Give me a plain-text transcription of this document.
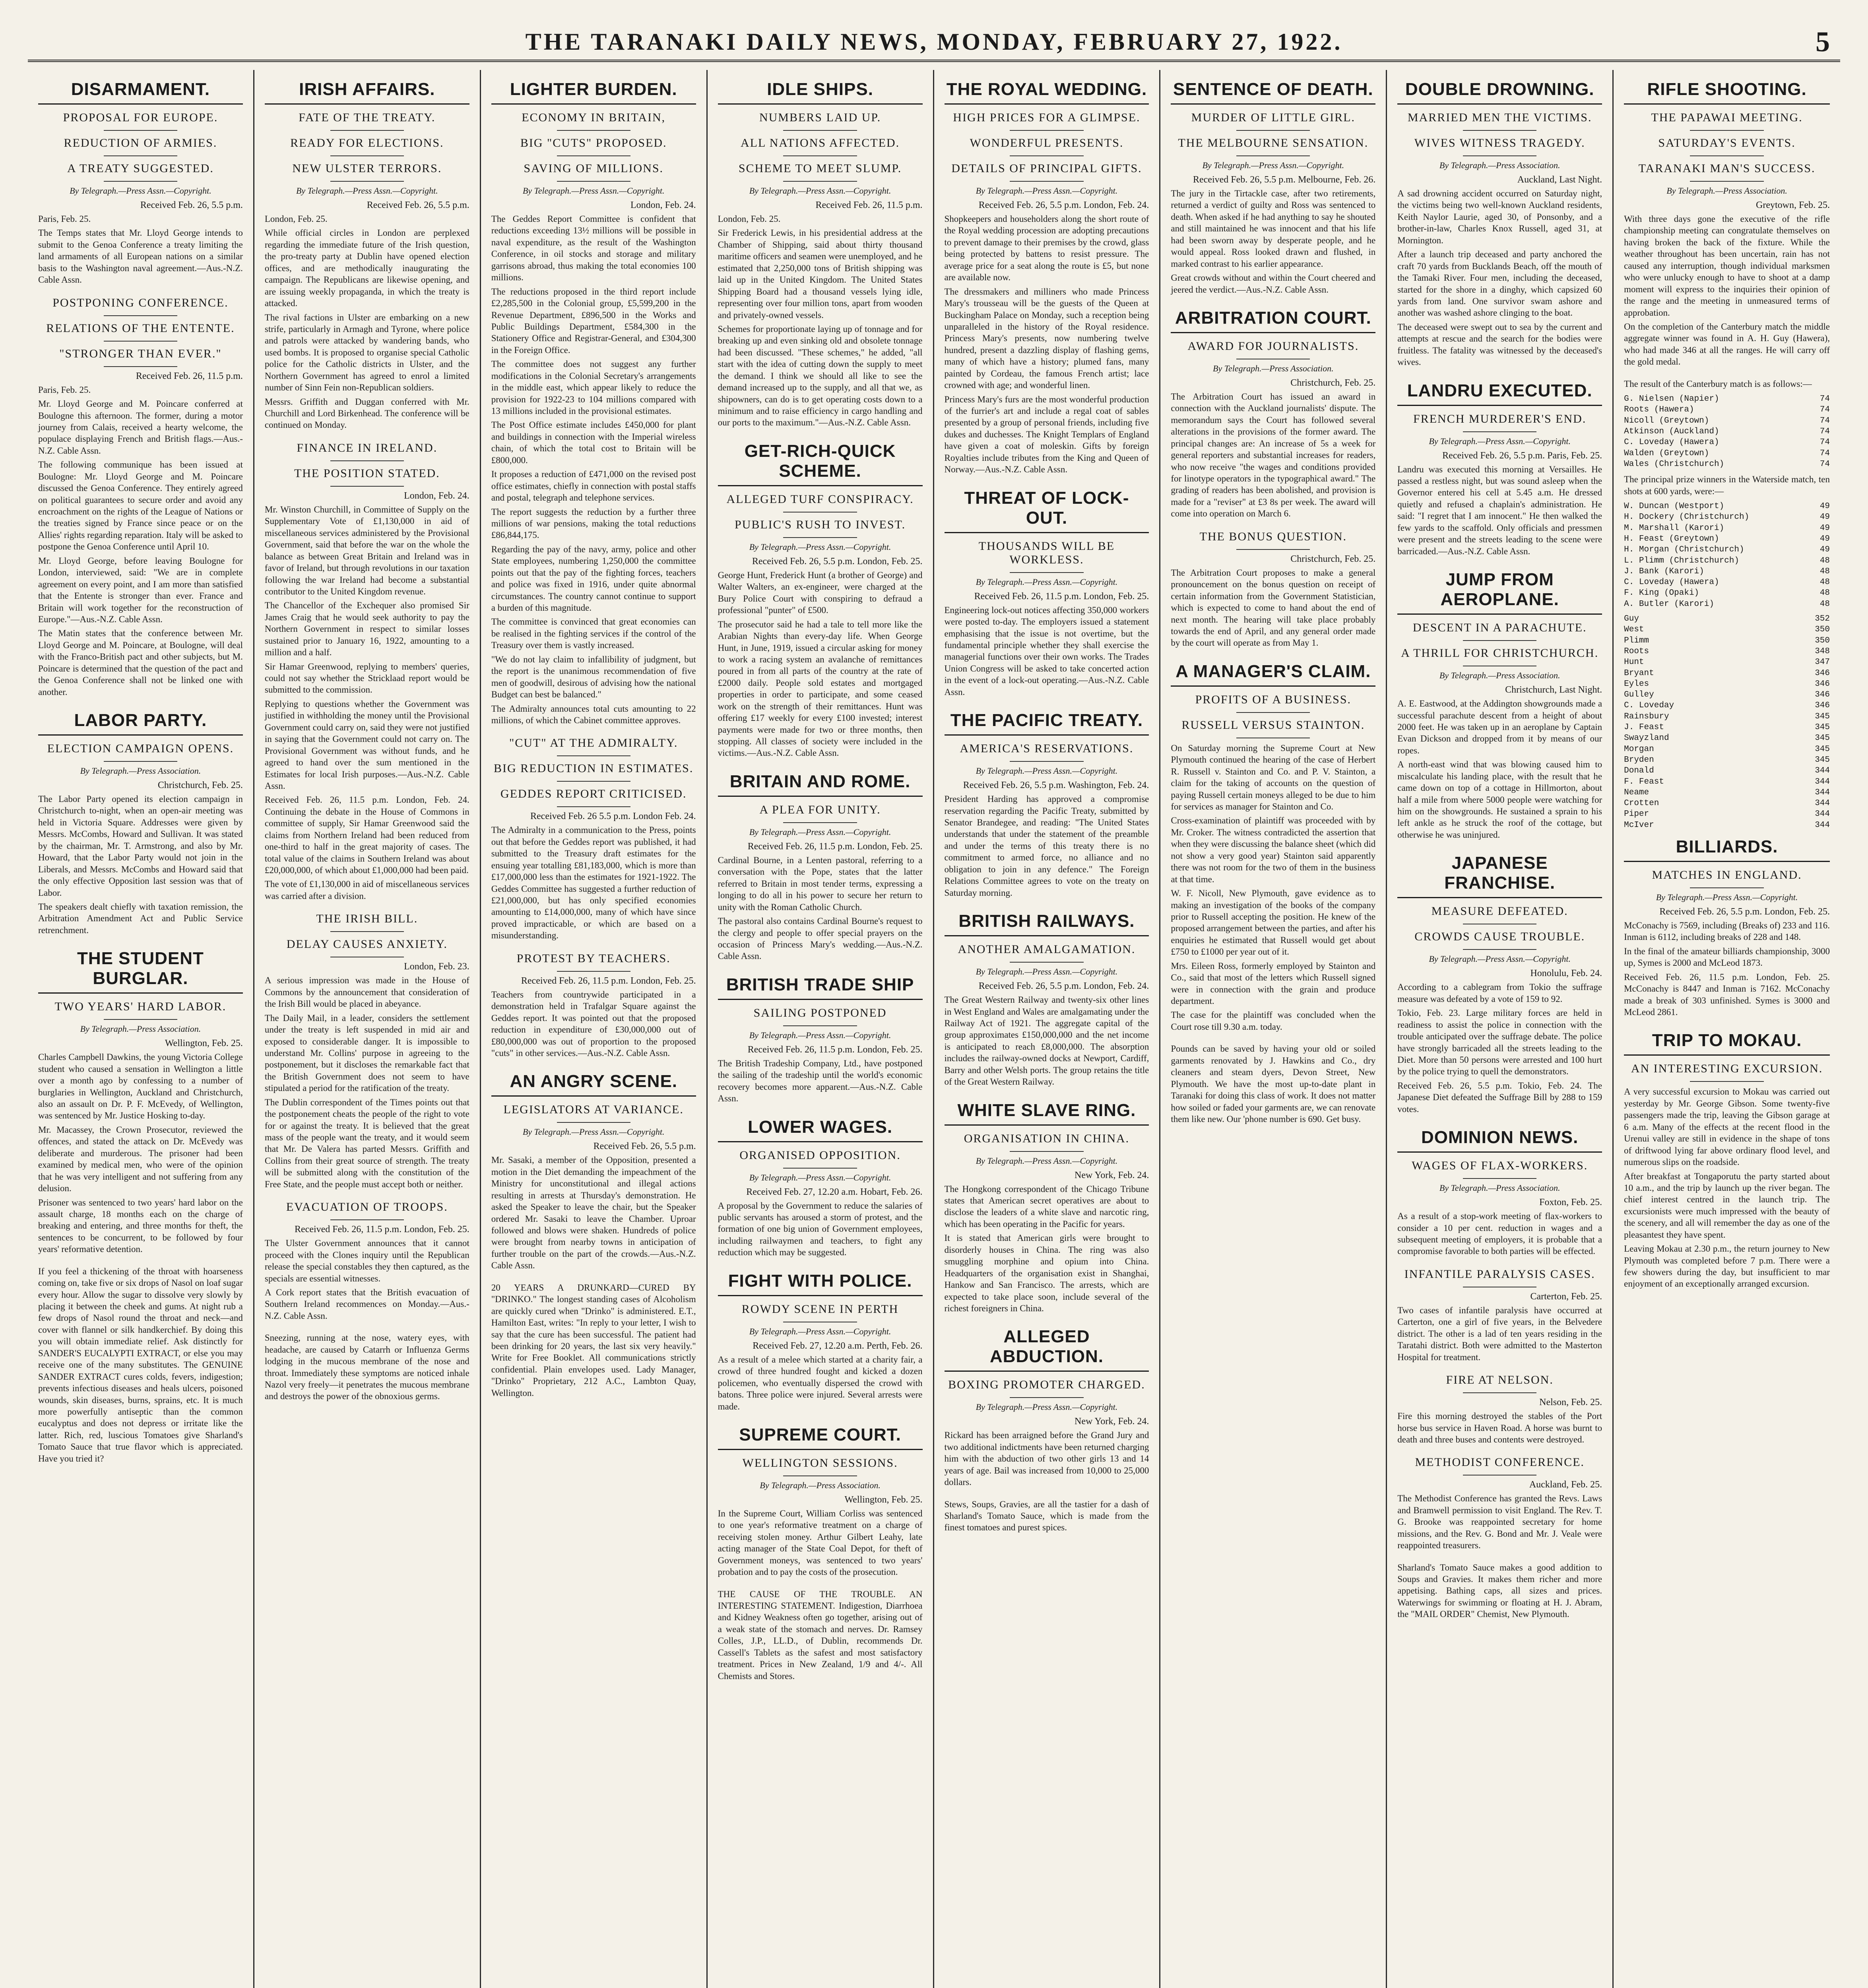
THE TARANAKI DAILY NEWS, MONDAY, FEBRUARY 27, 1922.	5
DISARMAMENT.
PROPOSAL FOR EUROPE.
REDUCTION OF ARMIES.
A TREATY SUGGESTED.
By Telegraph.—Press Assn.—Copyright.
Received Feb. 26, 5.5 p.m.

Paris, Feb. 25.

The Temps states that Mr. Lloyd George intends to submit to the Genoa Conference a treaty limiting the land armaments of all European nations on a similar basis to the Washington naval agreement.—Aus.-N.Z. Cable Assn.

POSTPONING CONFERENCE.
RELATIONS OF THE ENTENTE.
"STRONGER THAN EVER."
Received Feb. 26, 11.5 p.m.

Paris, Feb. 25.

Mr. Lloyd George and M. Poincare conferred at Boulogne this afternoon. The former, during a motor journey from Calais, received a hearty welcome, the populace displaying French and British flags.—Aus.-N.Z. Cable Assn.

The following communique has been issued at Boulogne: Mr. Lloyd George and M. Poincare discussed the Genoa Conference. They entirely agreed on political guarantees to secure order and avoid any encroachment on the rights of the League of Nations or the treaties signed by France since peace or on the Allies' rights regarding reparation. Italy will be asked to postpone the Genoa Conference until April 10.

Mr. Lloyd George, before leaving Boulogne for London, interviewed, said: "We are in complete agreement on every point, and I am more than satisfied that the Entente is stronger than ever. France and Britain will work together for the reconstruction of Europe."—Aus.-N.Z. Cable Assn.

The Matin states that the conference between Mr. Lloyd George and M. Poincare, at Boulogne, will deal with the Franco-British pact and other subjects, but M. Poincare is determined that the question of the pact and the Genoa Conference shall not be linked one with another.

LABOR PARTY.
ELECTION CAMPAIGN OPENS.
By Telegraph.—Press Association.
Christchurch, Feb. 25.

The Labor Party opened its election campaign in Christchurch to-night, when an open-air meeting was held in Victoria Square. Addresses were given by Messrs. McCombs, Howard and Sullivan. It was stated by the chairman, Mr. T. Armstrong, and also by Mr. Howard, that the Labor Party would not join in the Liberals, and Messrs. McCombs and Howard said that the only effective Opposition last session was that of Labor.

The speakers dealt chiefly with taxation remission, the Arbitration Amendment Act and Public Service retrenchment.

THE STUDENT BURGLAR.
TWO YEARS' HARD LABOR.
By Telegraph.—Press Association.
Wellington, Feb. 25.

Charles Campbell Dawkins, the young Victoria College student who caused a sensation in Wellington a little over a month ago by confessing to a number of burglaries in Wellington, Auckland and Christchurch, also an assault on Dr. P. F. McEvedy, of Wellington, was sentenced by Mr. Justice Hosking to-day.

Mr. Macassey, the Crown Prosecutor, reviewed the offences, and stated the attack on Dr. McEvedy was deliberate and murderous. The prisoner had been examined by medical men, who were of the opinion that he was very intelligent and not suffering from any delusion.

Prisoner was sentenced to two years' hard labor on the assault charge, 18 months each on the charge of breaking and entering, and three months for theft, the sentences to be concurrent, to be followed by four years' reformative detention.

If you feel a thickening of the throat with hoarseness coming on, take five or six drops of Nasol on loaf sugar every hour. Allow the sugar to dissolve very slowly by placing it between the cheek and gums. At night rub a few drops of Nasol round the throat and neck—and cover with flannel or silk handkerchief. By doing this you will obtain immediate relief. Ask distinctly for SANDER'S EUCALYPTI EXTRACT, or else you may receive one of the many substitutes. The GENUINE SANDER EXTRACT cures colds, fevers, indigestion; prevents infectious diseases and heals ulcers, poisoned wounds, skin diseases, burns, sprains, etc. It is much more powerfully antiseptic than the common eucalyptus and does not depress or irritate like the latter. Rich, red, luscious Tomatoes give Sharland's Tomato Sauce that true flavor which is appreciated. Have you tried it?

IRISH AFFAIRS.
FATE OF THE TREATY.
READY FOR ELECTIONS.
NEW ULSTER TERRORS.
By Telegraph.—Press Assn.—Copyright.
Received Feb. 26, 5.5 p.m.

London, Feb. 25.

While official circles in London are perplexed regarding the immediate future of the Irish question, the pro-treaty party at Dublin have opened election offices, and are methodically inaugurating the campaign. The Republicans are likewise opening, and are issuing weekly propaganda, in which the treaty is attacked.

The rival factions in Ulster are embarking on a new strife, particularly in Armagh and Tyrone, where police and patrols were attacked by wandering bands, who used bombs. It is proposed to organise special Catholic police for the Catholic districts in Ulster, and the Northern Government has agreed to enrol a limited number of Sinn Fein non-Republican soldiers.

Messrs. Griffith and Duggan conferred with Mr. Churchill and Lord Birkenhead. The conference will be continued on Monday.

FINANCE IN IRELAND.
THE POSITION STATED.
London, Feb. 24.

Mr. Winston Churchill, in Committee of Supply on the Supplementary Vote of £1,130,000 in aid of miscellaneous services administered by the Provisional Government, said that before the war on the whole the balance as between Great Britain and Ireland was in favor of Ireland, but through revolutions in our taxation following the war Ireland had become a substantial contributor to the United Kingdom revenue.

The Chancellor of the Exchequer also promised Sir James Craig that he would seek authority to pay the Northern Government in respect to similar losses sustained prior to January 16, 1922, amounting to a million and a half.

Sir Hamar Greenwood, replying to members' queries, could not say whether the Stricklaad report would be submitted to the commission.

Replying to questions whether the Government was justified in withholding the money until the Provisional Government could carry on, said they were not justified in saying that the Government could not carry on. The Provisional Government was without funds, and he agreed to hand over the sum mentioned in the Estimates for local Irish purposes.—Aus.-N.Z. Cable Assn.

Received Feb. 26, 11.5 p.m. London, Feb. 24. Continuing the debate in the House of Commons in committee of supply, Sir Hamar Greenwood said the claims from Northern Ireland had been reduced from one-third to half in the great majority of cases. The total value of the claims in Southern Ireland was about £20,000,000, of which about £1,000,000 had been paid.

The vote of £1,130,000 in aid of miscellaneous services was carried after a division.

THE IRISH BILL.
DELAY CAUSES ANXIETY.
London, Feb. 23.

A serious impression was made in the House of Commons by the announcement that consideration of the Irish Bill would be placed in abeyance.

The Daily Mail, in a leader, considers the settlement under the treaty is left suspended in mid air and exposed to considerable danger. It is impossible to understand Mr. Collins' purpose in agreeing to the postponement, but it discloses the remarkable fact that the British Government does not seem to have stipulated a period for the ratification of the treaty.

The Dublin correspondent of the Times points out that the postponement cheats the people of the right to vote for or against the treaty. It is believed that the great mass of the people want the treaty, and it would seem that Mr. De Valera has parted Messrs. Griffith and Collins from their great source of strength. The treaty will be submitted along with the constitution of the Free State, and the people must accept both or neither.

EVACUATION OF TROOPS.
Received Feb. 26, 11.5 p.m. London, Feb. 25.

The Ulster Government announces that it cannot proceed with the Clones inquiry until the Republican release the special constables they then captured, as the specials are essential witnesses.

A Cork report states that the British evacuation of Southern Ireland recommences on Monday.—Aus.-N.Z. Cable Assn.

Sneezing, running at the nose, watery eyes, with headache, are caused by Catarrh or Influenza Germs lodging in the mucous membrane of the nose and throat. Immediately these symptoms are noticed inhale Nazol very freely—it penetrates the mucous membrane and destroys the power of the obnoxious germs.

LIGHTER BURDEN.
ECONOMY IN BRITAIN,
BIG "CUTS" PROPOSED.
SAVING OF MILLIONS.
By Telegraph.—Press Assn.—Copyright.
London, Feb. 24.

The Geddes Report Committee is confident that reductions exceeding 13½ millions will be possible in naval expenditure, as the result of the Washington Conference, in oil stocks and storage and military garrisons abroad, thus making the total economies 100 millions.

The reductions proposed in the third report include £2,285,500 in the Colonial group, £5,599,200 in the Revenue Department, £896,500 in the Works and Public Buildings Department, £584,300 in the Stationery Office and Registrar-General, and £304,300 in the Foreign Office.

The committee does not suggest any further modifications in the Colonial Secretary's arrangements in the middle east, which appear likely to reduce the provision for 1922-23 to 104 millions compared with 13 millions included in the provisional estimates.

The Post Office estimate includes £450,000 for plant and buildings in connection with the Imperial wireless chain, of which the total cost to Britain will be £800,000.

It proposes a reduction of £471,000 on the revised post office estimates, chiefly in connection with postal staffs and postal, telegraph and telephone services.

The report suggests the reduction by a further three millions of war pensions, making the total reductions £86,844,175.

Regarding the pay of the navy, army, police and other State employees, numbering 1,250,000 the committee points out that the pay of the fighting forces, teachers and police was fixed in 1916, under quite abnormal circumstances. The country cannot continue to support a burden of this magnitude.

The committee is convinced that great economies can be realised in the fighting services if the control of the Treasury over them is vastly increased.

"We do not lay claim to infallibility of judgment, but the report is the unanimous recommendation of five men of goodwill, desirous of advising how the national Budget can best be balanced."

The Admiralty announces total cuts amounting to 22 millions, of which the Cabinet committee approves.

"CUT" AT THE ADMIRALTY.
BIG REDUCTION IN ESTIMATES.
GEDDES REPORT CRITICISED.
Received Feb. 26 5.5 p.m. London Feb. 24.

The Admiralty in a communication to the Press, points out that before the Geddes report was published, it had submitted to the Treasury draft estimates for the ensuing year totalling £81,183,000, which is more than £17,000,000 less than the estimates for 1921-1922. The Geddes Committee has suggested a further reduction of £21,000,000, but has only specified economies amounting to £14,000,000, many of which have since proved impracticable, or which are based on a misunderstanding.

PROTEST BY TEACHERS.
Received Feb. 26, 11.5 p.m. London, Feb. 25.

Teachers from countrywide participated in a demonstration held in Trafalgar Square against the Geddes report. It was pointed out that the proposed reduction in expenditure of £30,000,000 out of £80,000,000 was out of proportion to the proposed "cuts" in other services.—Aus.-N.Z. Cable Assn.

AN ANGRY SCENE.
LEGISLATORS AT VARIANCE.
By Telegraph.—Press Assn.—Copyright.
Received Feb. 26, 5.5 p.m.

Mr. Sasaki, a member of the Opposition, presented a motion in the Diet demanding the impeachment of the Ministry for unconstitutional and illegal actions resulting in arrests at Thursday's demonstration. He asked the Speaker to leave the chair, but the Speaker ordered Mr. Sasaki to leave the Chamber. Uproar followed and blows were shaken. Hundreds of police were brought from nearby towns in anticipation of further trouble on the part of the crowds.—Aus.-N.Z. Cable Assn.

20 YEARS A DRUNKARD—CURED BY "DRINKO." The longest standing cases of Alcoholism are quickly cured when "Drinko" is administered. E.T., Hamilton East, writes: "In reply to your letter, I wish to say that the cure has been successful. The patient had been drinking for 20 years, the last six very heavily." Write for Free Booklet. All communications strictly confidential. Plain envelopes used. Lady Manager, "Drinko" Proprietary, 212 A.C., Lambton Quay, Wellington.

IDLE SHIPS.
NUMBERS LAID UP.
ALL NATIONS AFFECTED.
SCHEME TO MEET SLUMP.
By Telegraph.—Press Assn.—Copyright.
Received Feb. 26, 11.5 p.m.

London, Feb. 25.

Sir Frederick Lewis, in his presidential address at the Chamber of Shipping, said about thirty thousand maritime officers and seamen were unemployed, and he estimated that 2,250,000 tons of British shipping was laid up in the United Kingdom. The United States Shipping Board had a thousand vessels lying idle, representing over four million tons, apart from wooden and privately-owned vessels.

Schemes for proportionate laying up of tonnage and for breaking up and even sinking old and obsolete tonnage had been discussed. "These schemes," he added, "all start with the idea of cutting down the supply to meet the demand. I think we should all like to see the demand increased up to the supply, and all that we, as shipowners, can do is to get operating costs down to a minimum and to raise efficiency in cargo handling and our ports to the maximum."—Aus.-N.Z. Cable Assn.

GET-RICH-QUICK SCHEME.
ALLEGED TURF CONSPIRACY.
PUBLIC'S RUSH TO INVEST.
By Telegraph.—Press Assn.—Copyright.
Received Feb. 26, 5.5 p.m. London, Feb. 25.

George Hunt, Frederick Hunt (a brother of George) and Walter Walters, an ex-engineer, were charged at the Bury Police Court with conspiring to defraud a professional "punter" of £500.

The prosecutor said he had a tale to tell more like the Arabian Nights than every-day life. When George Hunt, in June, 1919, issued a circular asking for money to work a racing system an avalanche of remittances poured in from all parts of the country at the rate of £2000 daily. People sold estates and mortgaged properties in order to participate, and some ceased work on the strength of their remittances. Hunt was offering £17 weekly for every £100 invested; interest payments were made for two or three months, then stopping. All classes of society were included in the victims.—Aus.-N.Z. Cable Assn.

BRITAIN AND ROME.
A PLEA FOR UNITY.
By Telegraph.—Press Assn.—Copyright.
Received Feb. 26, 11.5 p.m. London, Feb. 25.

Cardinal Bourne, in a Lenten pastoral, referring to a conversation with the Pope, states that the latter referred to Britain in most tender terms, expressing a longing to do all in his power to secure her return to unity with the Roman Catholic Church.

The pastoral also contains Cardinal Bourne's request to the clergy and people to offer special prayers on the occasion of Princess Mary's wedding.—Aus.-N.Z. Cable Assn.

BRITISH TRADE SHIP
SAILING POSTPONED
By Telegraph.—Press Assn.—Copyright.
Received Feb. 26, 11.5 p.m. London, Feb. 25.

The British Tradeship Company, Ltd., have postponed the sailing of the tradeship until the world's economic recovery becomes more apparent.—Aus.-N.Z. Cable Assn.

LOWER WAGES.
ORGANISED OPPOSITION.
By Telegraph.—Press Assn.—Copyright.
Received Feb. 27, 12.20 a.m. Hobart, Feb. 26.

A proposal by the Government to reduce the salaries of public servants has aroused a storm of protest, and the formation of one big union of Government employees, including railwaymen and teachers, to fight any reduction which may be suggested.

FIGHT WITH POLICE.
ROWDY SCENE IN PERTH
By Telegraph.—Press Assn.—Copyright.
Received Feb. 27, 12.20 a.m. Perth, Feb. 26.

As a result of a melee which started at a charity fair, a crowd of three hundred fought and kicked a dozen policemen, who eventually dispersed the crowd with batons. Three police were injured. Several arrests were made.

SUPREME COURT.
WELLINGTON SESSIONS.
By Telegraph.—Press Association.
Wellington, Feb. 25.

In the Supreme Court, William Corliss was sentenced to one year's reformative treatment on a charge of receiving stolen money. Arthur Gilbert Leahy, late acting manager of the State Coal Depot, for theft of Government moneys, was sentenced to two years' probation and to pay the costs of the prosecution.

THE CAUSE OF THE TROUBLE. AN INTERESTING STATEMENT. Indigestion, Diarrhoea and Kidney Weakness often go together, arising out of a weak state of the stomach and nerves. Dr. Ramsey Colles, J.P., LL.D., of Dublin, recommends Dr. Cassell's Tablets as the safest and most satisfactory treatment. Prices in New Zealand, 1/9 and 4/-. All Chemists and Stores.

THE ROYAL WEDDING.
HIGH PRICES FOR A GLIMPSE.
WONDERFUL PRESENTS.
DETAILS OF PRINCIPAL GIFTS.
By Telegraph.—Press Assn.—Copyright.
Received Feb. 26, 5.5 p.m. London, Feb. 24.

Shopkeepers and householders along the short route of the Royal wedding procession are adopting precautions to prevent damage to their premises by the crowd, glass being protected by battens to resist pressure. The average price for a seat along the route is £5, but none are available now.

The dressmakers and milliners who made Princess Mary's trousseau will be the guests of the Queen at Buckingham Palace on Monday, such a reception being unparalleled in the history of the Royal residence. Princess Mary's presents, now numbering twelve hundred, present a dazzling display of flashing gems, many of which have a history; plumed fans, many painted by Cordeau, the famous French artist; lace crowned with age; and wonderful linen.

Princess Mary's furs are the most wonderful production of the furrier's art and include a regal coat of sables presented by a group of personal friends, including five dukes and duchesses. The Knight Templars of England have given a coat of moleskin. Gifts by foreign Royalties include tributes from the King and Queen of Norway.—Aus.-N.Z. Cable Assn.

THREAT OF LOCK-OUT.
THOUSANDS WILL BE WORKLESS.
By Telegraph.—Press Assn.—Copyright.
Received Feb. 26, 11.5 p.m. London, Feb. 25.

Engineering lock-out notices affecting 350,000 workers were posted to-day. The employers issued a statement emphasising that the issue is not overtime, but the fundamental principle whether they shall exercise the managerial functions over their own works. The Trades Union Congress will be asked to take concerted action in the event of a lock-out operating.—Aus.-N.Z. Cable Assn.

THE PACIFIC TREATY.
AMERICA'S RESERVATIONS.
By Telegraph.—Press Assn.—Copyright.
Received Feb. 26, 5.5 p.m. Washington, Feb. 24.

President Harding has approved a compromise reservation regarding the Pacific Treaty, submitted by Senator Brandegee, and reading: "The United States understands that under the statement of the preamble and under the terms of this treaty there is no commitment to armed force, no alliance and no obligation to join in any defence." The Foreign Relations Committee agrees to vote on the treaty on Saturday morning.

BRITISH RAILWAYS.
ANOTHER AMALGAMATION.
By Telegraph.—Press Assn.—Copyright.
Received Feb. 26, 5.5 p.m. London, Feb. 24.

The Great Western Railway and twenty-six other lines in West England and Wales are amalgamating under the Railway Act of 1921. The aggregate capital of the group approximates £150,000,000 and the net income is anticipated to reach £8,000,000. The absorption includes the railway-owned docks at Newport, Cardiff, Barry and other Welsh ports. The group retains the title of the Great Western Railway.

WHITE SLAVE RING.
ORGANISATION IN CHINA.
By Telegraph.—Press Assn.—Copyright.
New York, Feb. 24.

The Hongkong correspondent of the Chicago Tribune states that American secret operatives are about to disclose the leaders of a white slave and narcotic ring, which has been operating in the Pacific for years.

It is stated that American girls were brought to disorderly houses in China. The ring was also smuggling morphine and opium into China. Headquarters of the organisation exist in Shanghai, Hankow and San Francisco. The arrests, which are expected to take place soon, include several of the richest foreigners in China.

ALLEGED ABDUCTION.
BOXING PROMOTER CHARGED.
By Telegraph.—Press Assn.—Copyright.
New York, Feb. 24.

Rickard has been arraigned before the Grand Jury and two additional indictments have been returned charging him with the abduction of two other girls 13 and 14 years of age. Bail was increased from 10,000 to 25,000 dollars.

Stews, Soups, Gravies, are all the tastier for a dash of Sharland's Tomato Sauce, which is made from the finest tomatoes and purest spices.

SENTENCE OF DEATH.
MURDER OF LITTLE GIRL.
THE MELBOURNE SENSATION.
By Telegraph.—Press Assn.—Copyright.
Received Feb. 26, 5.5 p.m. Melbourne, Feb. 26.

The jury in the Tirtackle case, after two retirements, returned a verdict of guilty and Ross was sentenced to death. When asked if he had anything to say he shouted and still maintained he was innocent and that his life had been sworn away by desperate people, and he would appeal. Ross looked drawn and flushed, in marked contrast to his earlier appearance.

Great crowds without and within the Court cheered and jeered the verdict.—Aus.-N.Z. Cable Assn.

ARBITRATION COURT.
AWARD FOR JOURNALISTS.
By Telegraph.—Press Association.
Christchurch, Feb. 25.

The Arbitration Court has issued an award in connection with the Auckland journalists' dispute. The memorandum says the Court has followed several alterations in the provisions of the former award. The principal changes are: An increase of 5s a week for general reporters and substantial increases for readers, who now receive "the wages and conditions provided for linotype operators in the typographical award." The grading of readers has been abolished, and provision is made for a "reviser" at £3 8s per week. The award will come into operation on March 6.

THE BONUS QUESTION.
Christchurch, Feb. 25.

The Arbitration Court proposes to make a general pronouncement on the bonus question on receipt of certain information from the Government Statistician, which is expected to come to hand about the end of next month. The hearing will take place probably towards the end of April, and any general order made by the court will operate as from May 1.

A MANAGER'S CLAIM.
PROFITS OF A BUSINESS.
RUSSELL VERSUS STAINTON.

On Saturday morning the Supreme Court at New Plymouth continued the hearing of the case of Herbert R. Russell v. Stainton and Co. and P. V. Stainton, a claim for the taking of accounts on the question of paying Russell certain moneys alleged to be due to him for services as manager for Stainton and Co.

Cross-examination of plaintiff was proceeded with by Mr. Croker. The witness contradicted the assertion that when they were discussing the balance sheet (which did not show a very good year) Stainton said apparently there was not room for the two of them in the business at that time.

W. F. Nicoll, New Plymouth, gave evidence as to making an investigation of the books of the company prior to Russell accepting the position. He knew of the proposed arrangement between the parties, and after his enquiries he estimated that Russell would get about £750 to £1000 per year out of it.

Mrs. Eileen Ross, formerly employed by Stainton and Co., said that most of the letters which Russell signed were in connection with the grain and produce department.

The case for the plaintiff was concluded when the Court rose till 9.30 a.m. today.

Pounds can be saved by having your old or soiled garments renovated by J. Hawkins and Co., dry cleaners and steam dyers, Devon Street, New Plymouth. We have the most up-to-date plant in Taranaki for doing this class of work. It does not matter how soiled or faded your garments are, we can renovate them like new. Our 'phone number is 690. Get busy.

DOUBLE DROWNING.
MARRIED MEN THE VICTIMS.
WIVES WITNESS TRAGEDY.
By Telegraph.—Press Association.
Auckland, Last Night.

A sad drowning accident occurred on Saturday night, the victims being two well-known Auckland residents, Keith Naylor Laurie, aged 30, of Ponsonby, and a brother-in-law, Charles Knox Russell, aged 31, at Mornington.

After a launch trip deceased and party anchored the craft 70 yards from Bucklands Beach, off the mouth of the Tamaki River. Four men, including the deceased, started for the shore in a dinghy, which capsized 60 yards from land. One survivor swam ashore and another was washed ashore clinging to the boat.

The deceased were swept out to sea by the current and attempts at rescue and the search for the bodies were fruitless. The fatality was witnessed by the deceased's wives.

LANDRU EXECUTED.
FRENCH MURDERER'S END.
By Telegraph.—Press Assn.—Copyright.
Received Feb. 26, 5.5 p.m. Paris, Feb. 25.

Landru was executed this morning at Versailles. He passed a restless night, but was sound asleep when the Governor entered his cell at 5.45 a.m. He dressed quietly and refused a chaplain's administration. He said: "I regret that I am innocent." He then walked the few yards to the scaffold. Only officials and pressmen were present and the streets leading to the scene were barricaded.—Aus.-N.Z. Cable Assn.

JUMP FROM AEROPLANE.
DESCENT IN A PARACHUTE.
A THRILL FOR CHRISTCHURCH.
By Telegraph.—Press Association.
Christchurch, Last Night.

A. E. Eastwood, at the Addington showgrounds made a successful parachute descent from a height of about 2000 feet. He was taken up in an aeroplane by Captain Evan Dickson and dropped from it by means of our ropes.

A north-east wind that was blowing caused him to miscalculate his landing place, with the result that he came down on top of a cottage in Hillmorton, about half a mile from where 5000 people were watching for him on the showgrounds. He sustained a sprain to his left ankle as he struck the roof of the cottage, but otherwise he was uninjured.

JAPANESE FRANCHISE.
MEASURE DEFEATED.
CROWDS CAUSE TROUBLE.
By Telegraph.—Press Assn.—Copyright.
Honolulu, Feb. 24.

According to a cablegram from Tokio the suffrage measure was defeated by a vote of 159 to 92.

Tokio, Feb. 23. Large military forces are held in readiness to assist the police in connection with the trouble anticipated over the suffrage debate. The police have strongly barricaded all the streets leading to the Diet. More than 50 persons were arrested and 100 hurt by the police trying to quell the demonstrators.

Received Feb. 26, 5.5 p.m. Tokio, Feb. 24. The Japanese Diet defeated the Suffrage Bill by 288 to 159 votes.

DOMINION NEWS.
WAGES OF FLAX-WORKERS.
By Telegraph.—Press Association.
Foxton, Feb. 25.

As a result of a stop-work meeting of flax-workers to consider a 10 per cent. reduction in wages and a subsequent meeting of employers, it is probable that a compromise favorable to both parties will be effected.

INFANTILE PARALYSIS CASES.
Carterton, Feb. 25.

Two cases of infantile paralysis have occurred at Carterton, one a girl of five years, in the Belvedere district. The other is a lad of ten years residing in the Taratahi district. Both were admitted to the Masterton Hospital for treatment.

FIRE AT NELSON.
Nelson, Feb. 25.

Fire this morning destroyed the stables of the Port horse bus service in Haven Road. A horse was burnt to death and three buses and contents were destroyed.

METHODIST CONFERENCE.
Auckland, Feb. 25.

The Methodist Conference has granted the Revs. Laws and Bramwell permission to visit England. The Rev. T. G. Brooke was reappointed secretary for home missions, and the Rev. G. Bond and Mr. J. Veale were reappointed treasurers.

Sharland's Tomato Sauce makes a good addition to Soups and Gravies. It makes them richer and more appetising. Bathing caps, all sizes and prices. Waterwings for swimming or floating at H. J. Abram, the "MAIL ORDER" Chemist, New Plymouth.

RIFLE SHOOTING.
THE PAPAWAI MEETING.
SATURDAY'S EVENTS.
TARANAKI MAN'S SUCCESS.
By Telegraph.—Press Association.
Greytown, Feb. 25.

With three days gone the executive of the rifle championship meeting can congratulate themselves on having broken the back of the fixture. While the weather throughout has been uncertain, rain has not caused any interruption, though individual marksmen who were unlucky enough to have to shoot at a damp moment will express to the inquiries their opinion of the range and the meeting in unmeasured terms of approbation.

On the completion of the Canterbury match the middle aggregate winner was found in A. H. Guy (Hawera), who had made 346 at all the ranges. He will carry off the gold medal.

The result of the Canterbury match is as follows:—

G. Nielsen (Napier)	74
Roots (Hawera)	74
Nicoll (Greytown)	74
Atkinson (Auckland)	74
C. Loveday (Hawera)	74
Walden (Greytown)	74
Wales (Christchurch)	74

The principal prize winners in the Waterside match, ten shots at 600 yards, were:—

W. Duncan (Westport)	49
H. Dockery (Christchurch)	49
M. Marshall (Karori)	49
H. Feast (Greytown)	49
H. Morgan (Christchurch)	49
L. Plimm (Christchurch)	48
J. Bank (Karori)	48
C. Loveday (Hawera)	48
F. King (Opaki)	48
A. Butler (Karori)	48
Guy	352
West	350
Plimm	350
Roots	348
Hunt	347
Bryant	346
Eyles	346
Gulley	346
C. Loveday	346
Rainsbury	345
J. Feast	345
Swayzland	345
Morgan	345
Bryden	345
Donald	344
F. Feast	344
Neame	344
Crotten	344
Piper	344
McIver	344
BILLIARDS.
MATCHES IN ENGLAND.
By Telegraph.—Press Assn.—Copyright.
Received Feb. 26, 5.5 p.m. London, Feb. 25.

McConachy is 7569, including (Breaks of) 233 and 116. Inman is 6112, including breaks of 228 and 148.

In the final of the amateur billiards championship, 3000 up, Symes is 2000 and McLeod 1873.

Received Feb. 26, 11.5 p.m. London, Feb. 25. McConachy is 8447 and Inman is 7162. McConachy made a break of 303 unfinished. Symes is 3000 and McLeod 2861.

TRIP TO MOKAU.
AN INTERESTING EXCURSION.

A very successful excursion to Mokau was carried out yesterday by Mr. George Gibson. Some twenty-five passengers made the trip, leaving the Gibson garage at 6 a.m. Many of the effects at the recent flood in the Urenui valley are still in evidence in the shape of tons of driftwood lying far above ordinary flood level, and numerous slips on the roadside.

After breakfast at Tongaporutu the party started about 10 a.m., and the trip by launch up the river began. The chief interest centred in the launch trip. The excursionists were much impressed with the beauty of the scenery, and all will remember the day as one of the pleasantest they have spent.

Leaving Mokau at 2.30 p.m., the return journey to New Plymouth was completed before 7 p.m. There were a few showers during the day, but insufficient to mar enjoyment of an exceptionally arranged excursion.
